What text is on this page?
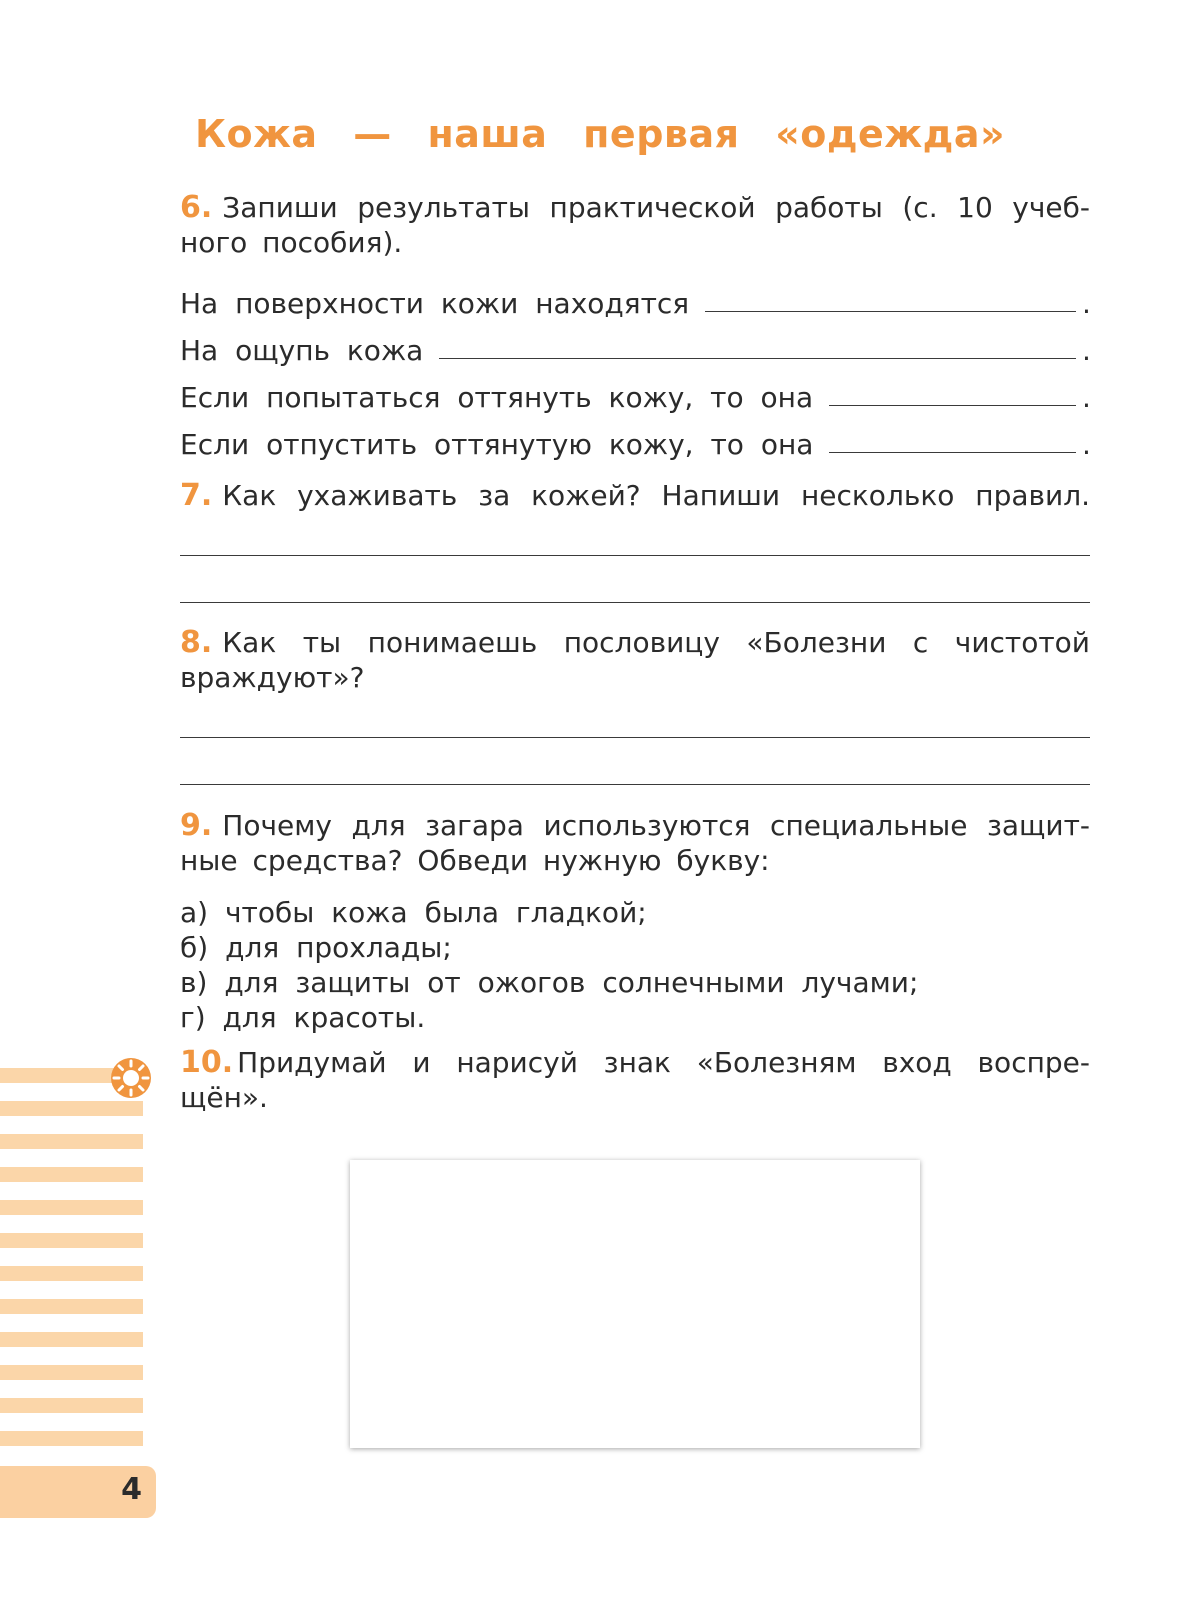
Кожа — наша первая «одежда»
6. Запиши результаты практической работы (с. 10 учеб-
ного пособия).
На поверхности кожи находятся	.
На ощупь кожа	.
Если попытаться оттянуть кожу, то она	.
Если отпустить оттянутую кожу, то она	.
7. Как ухаживать за кожей? Напиши несколько правил.
8. Как ты понимаешь пословицу «Болезни с чистотой
враждуют»?
9. Почему для загара используются специальные защит-
ные средства? Обведи нужную букву:
а) чтобы кожа была гладкой;
б) для прохлады;
в) для защиты от ожогов солнечными лучами;
г) для красоты.
10. Придумай и нарисуй знак «Болезням вход воспре-
щён».
4
